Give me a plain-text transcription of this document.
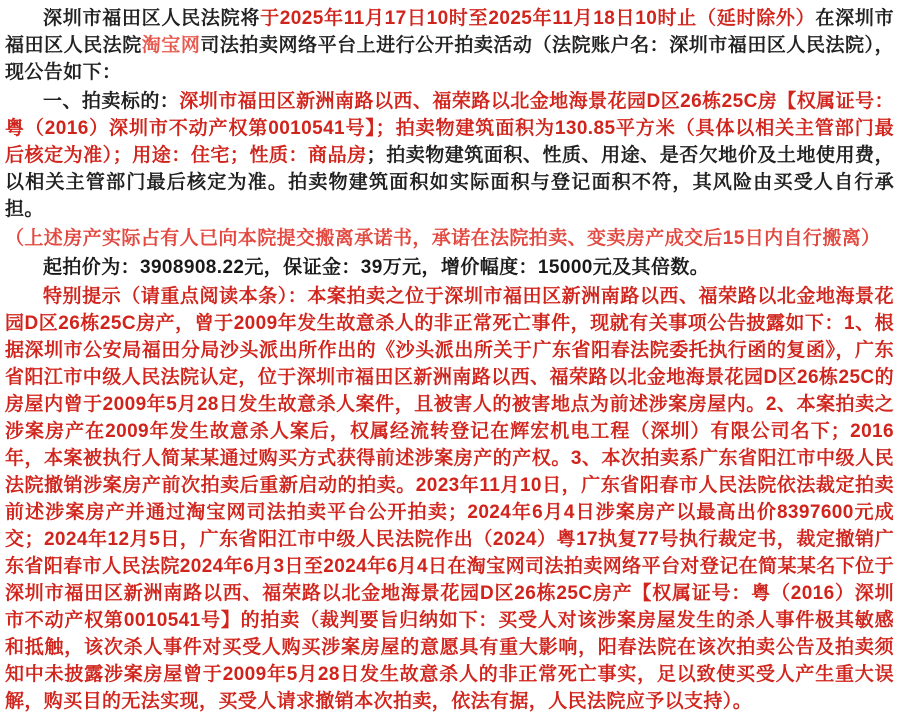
深圳市福田区人民法院将于2025年11月17日10时至2025年11月18日10时止（延时除外）在深圳市福田区人民法院淘宝网司法拍卖网络平台上进行公开拍卖活动（法院账户名：深圳市福田区人民法院），现公告如下：

一、拍卖标的：深圳市福田区新洲南路以西、福荣路以北金地海景花园D区26栋25C房【权属证号：粤（2016）深圳市不动产权第0010541号】；拍卖物建筑面积为130.85平方米（具体以相关主管部门最后核定为准）；用途：住宅；性质：商品房；拍卖物建筑面积、性质、用途、是否欠地价及土地使用费，以相关主管部门最后核定为准。拍卖物建筑面积如实际面积与登记面积不符，其风险由买受人自行承担。

（上述房产实际占有人已向本院提交搬离承诺书，承诺在法院拍卖、变卖房产成交后15日内自行搬离）

起拍价为：3908908.22元，保证金：39万元，增价幅度：15000元及其倍数。

特别提示（请重点阅读本条）：本案拍卖之位于深圳市福田区新洲南路以西、福荣路以北金地海景花园D区26栋25C房产，曾于2009年发生故意杀人的非正常死亡事件，现就有关事项公告披露如下：1、根据深圳市公安局福田分局沙头派出所作出的《沙头派出所关于广东省阳春法院委托执行函的复函》，广东省阳江市中级人民法院认定，位于深圳市福田区新洲南路以西、福荣路以北金地海景花园D区26栋25C的房屋内曾于2009年5月28日发生故意杀人案件，且被害人的被害地点为前述涉案房屋内。2、本案拍卖之涉案房产在2009年发生故意杀人案后，权属经流转登记在辉宏机电工程（深圳）有限公司名下；2016年，本案被执行人简某某通过购买方式获得前述涉案房产的产权。3、本次拍卖系广东省阳江市中级人民法院撤销涉案房产前次拍卖后重新启动的拍卖。2023年11月10日，广东省阳春市人民法院依法裁定拍卖前述涉案房产并通过淘宝网司法拍卖平台公开拍卖；2024年6月4日涉案房产以最高出价8397600元成交；2024年12月5日，广东省阳江市中级人民法院作出（2024）粤17执复77号执行裁定书，裁定撤销广东省阳春市人民法院2024年6月3日至2024年6月4日在淘宝网司法拍卖网络平台对登记在简某某名下位于深圳市福田区新洲南路以西、福荣路以北金地海景花园D区26栋25C房产【权属证号：粤（2016）深圳市不动产权第0010541号】的拍卖（裁判要旨归纳如下：买受人对该涉案房屋发生的杀人事件极其敏感和抵触，该次杀人事件对买受人购买涉案房屋的意愿具有重大影响，阳春法院在该次拍卖公告及拍卖须知中未披露涉案房屋曾于2009年5月28日发生故意杀人的非正常死亡事实，足以致使买受人产生重大误解，购买目的无法实现，买受人请求撤销本次拍卖，依法有据，人民法院应予以支持）。
